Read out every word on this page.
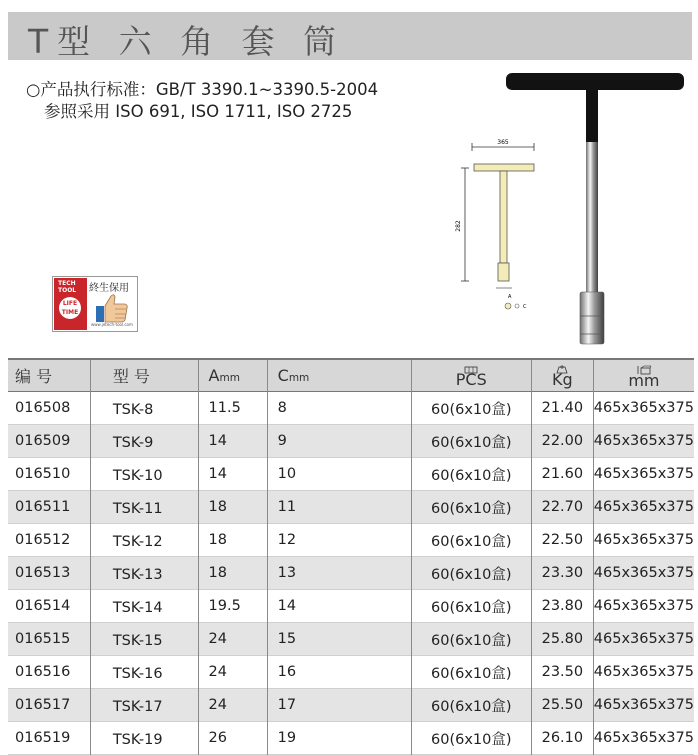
T型 六 角 套 筒
○产品执行标准：GB/T 3390.1~3390.5-2004
参照采用 ISO 691, ISO 1711, ISO 2725
TECH TOOL
LIFE TIME
終生保用
www.jetech-tool.com
365
282
A
C
编 号	型 号	Amm	Cmm	PCS	Kg	mm
016508	TSK-8	11.5	8	60(6x10盒)	21.40	465x365x375
016509	TSK-9	14	9	60(6x10盒)	22.00	465x365x375
016510	TSK-10	14	10	60(6x10盒)	21.60	465x365x375
016511	TSK-11	18	11	60(6x10盒)	22.70	465x365x375
016512	TSK-12	18	12	60(6x10盒)	22.50	465x365x375
016513	TSK-13	18	13	60(6x10盒)	23.30	465x365x375
016514	TSK-14	19.5	14	60(6x10盒)	23.80	465x365x375
016515	TSK-15	24	15	60(6x10盒)	25.80	465x365x375
016516	TSK-16	24	16	60(6x10盒)	23.50	465x365x375
016517	TSK-17	24	17	60(6x10盒)	25.50	465x365x375
016519	TSK-19	26	19	60(6x10盒)	26.10	465x365x375
